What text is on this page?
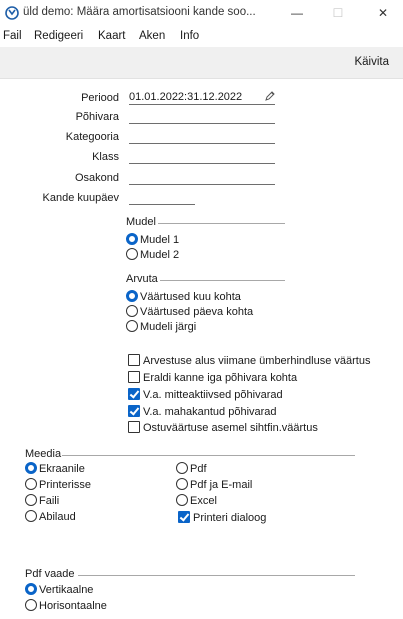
üld demo: Määra amortisatsiooni kande soo...	—	☐	✕
Fail Redigeeri Kaart Aken Info
Käivita
Periood 01.01.2022:31.12.2022
Põhivara
Kategooria
Klass
Osakond
Kande kuupäev
Mudel
Mudel 1
Mudel 2
Arvuta
Väärtused kuu kohta
Väärtused päeva kohta
Mudeli järgi
Arvestuse alus viimane ümberhindluse väärtus
Eraldi kanne iga põhivara kohta
V.a. mitteaktiivsed põhivarad
V.a. mahakantud põhivarad
Ostuväärtuse asemel sihtfin.väärtus
Meedia
Ekraanile
Printerisse
Faili
Abilaud
Pdf
Pdf ja E-mail
Excel
Printeri dialoog
Pdf vaade
Vertikaalne
Horisontaalne
